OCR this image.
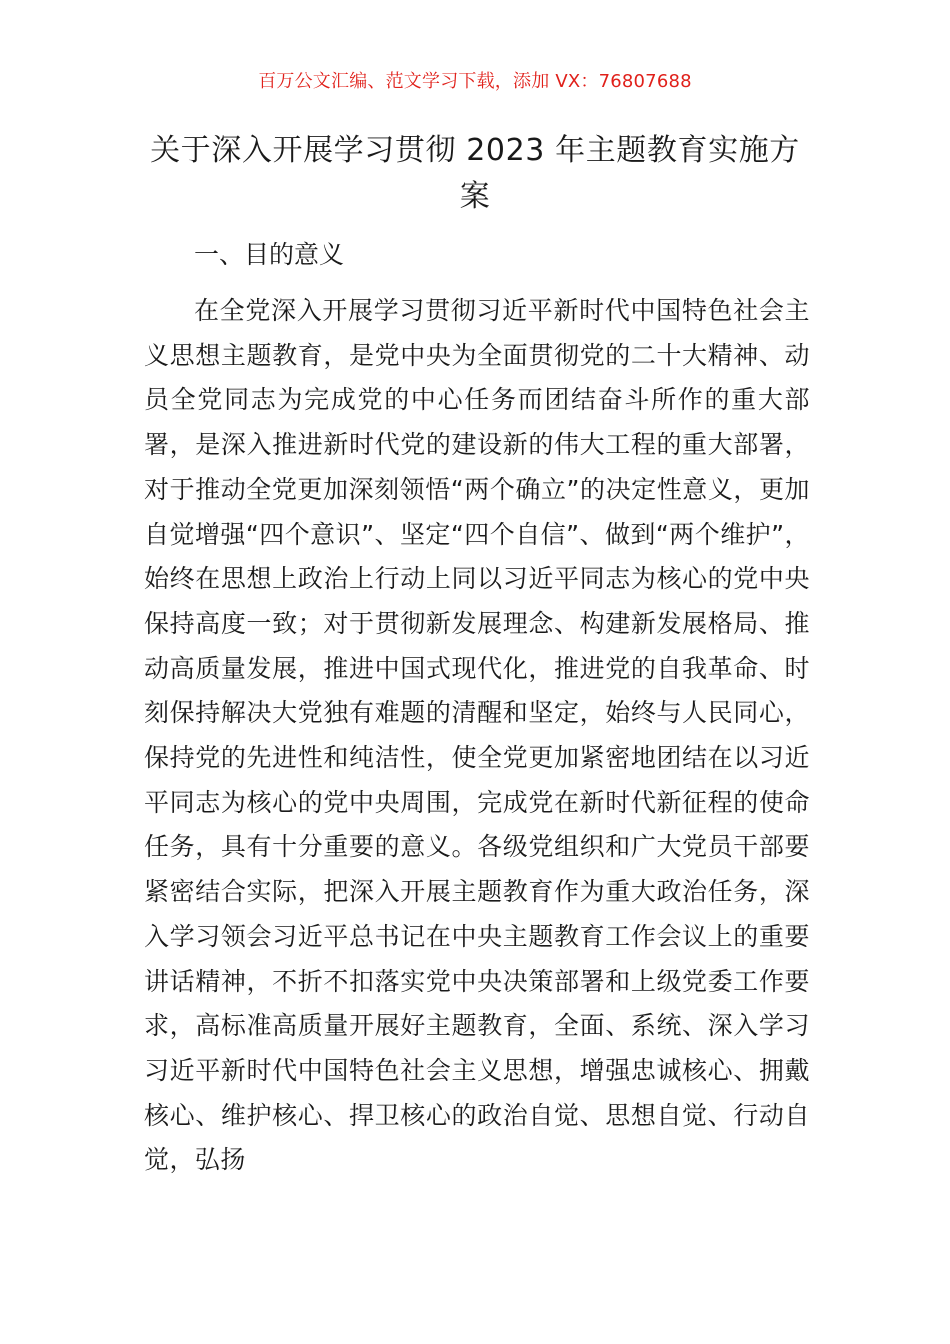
百万公文汇编、范文学习下载，添加 VX：76807688
关于深入开展学习贯彻 2023 年主题教育实施方案
一、目的意义

在全党深入开展学习贯彻习近平新时代中国特色社会主义思想主题教育，是党中央为全面贯彻党的二十大精神、动员全党同志为完成党的中心任务而团结奋斗所作的重大部署，是深入推进新时代党的建设新的伟大工程的重大部署，对于推动全党更加深刻领悟“两个确立”的决定性意义，更加自觉增强“四个意识”、坚定“四个自信”、做到“两个维护”，始终在思想上政治上行动上同以习近平同志为核心的党中央保持高度一致；对于贯彻新发展理念、构建新发展格局、推动高质量发展，推进中国式现代化，推进党的自我革命、时刻保持解决大党独有难题的清醒和坚定，始终与人民同心，保持党的先进性和纯洁性，使全党更加紧密地团结在以习近平同志为核心的党中央周围，完成党在新时代新征程的使命任务，具有十分重要的意义。各级党组织和广大党员干部要紧密结合实际，把深入开展主题教育作为重大政治任务，深入学习领会习近平总书记在中央主题教育工作会议上的重要讲话精神，不折不扣落实党中央决策部署和上级党委工作要求，高标准高质量开展好主题教育，全面、系统、深入学习习近平新时代中国特色社会主义思想，增强忠诚核心、拥戴核心、维护核心、捍卫核心的政治自觉、思想自觉、行动自觉，弘扬
